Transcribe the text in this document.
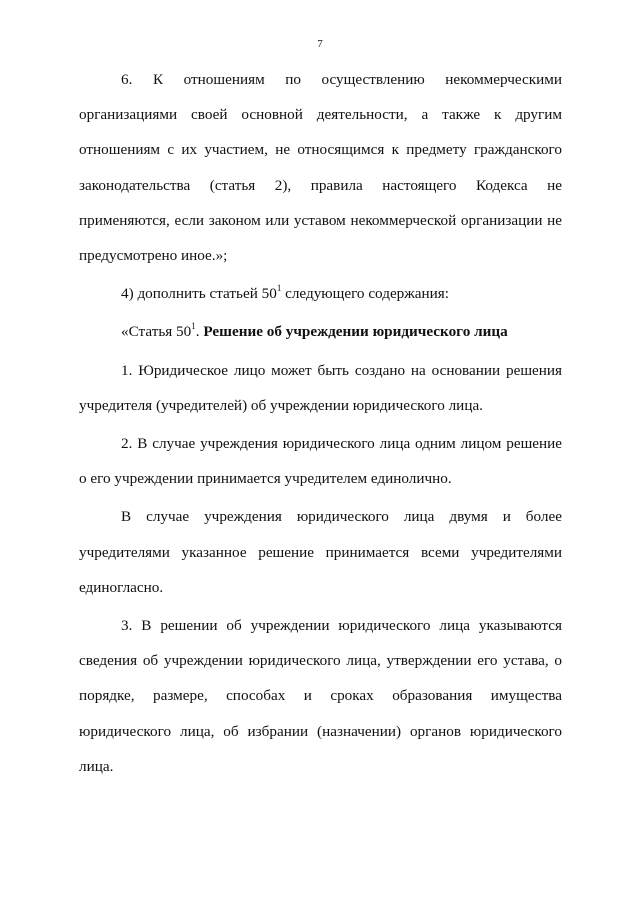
7

6. К отношениям по осуществлению некоммерческими организациями своей основной деятельности, а также к другим отношениям с их участием, не относящимся к предмету гражданского законодательства (статья 2), правила настоящего Кодекса не применяются, если законом или уставом некоммерческой организации не предусмотрено иное.»;

4) дополнить статьей $50^1$ следующего содержания:

«Статья $50^1$. Решение об учреждении юридического лица

1. Юридическое лицо может быть создано на основании решения учредителя (учредителей) об учреждении юридического лица.

2. В случае учреждения юридического лица одним лицом решение о его учреждении принимается учредителем единолично.

В случае учреждения юридического лица двумя и более учредителями указанное решение принимается всеми учредителями единогласно.

3. В решении об учреждении юридического лица указываются сведения об учреждении юридического лица, утверждении его устава, о порядке, размере, способах и сроках образования имущества юридического лица, об избрании (назначении) органов юридического лица.
